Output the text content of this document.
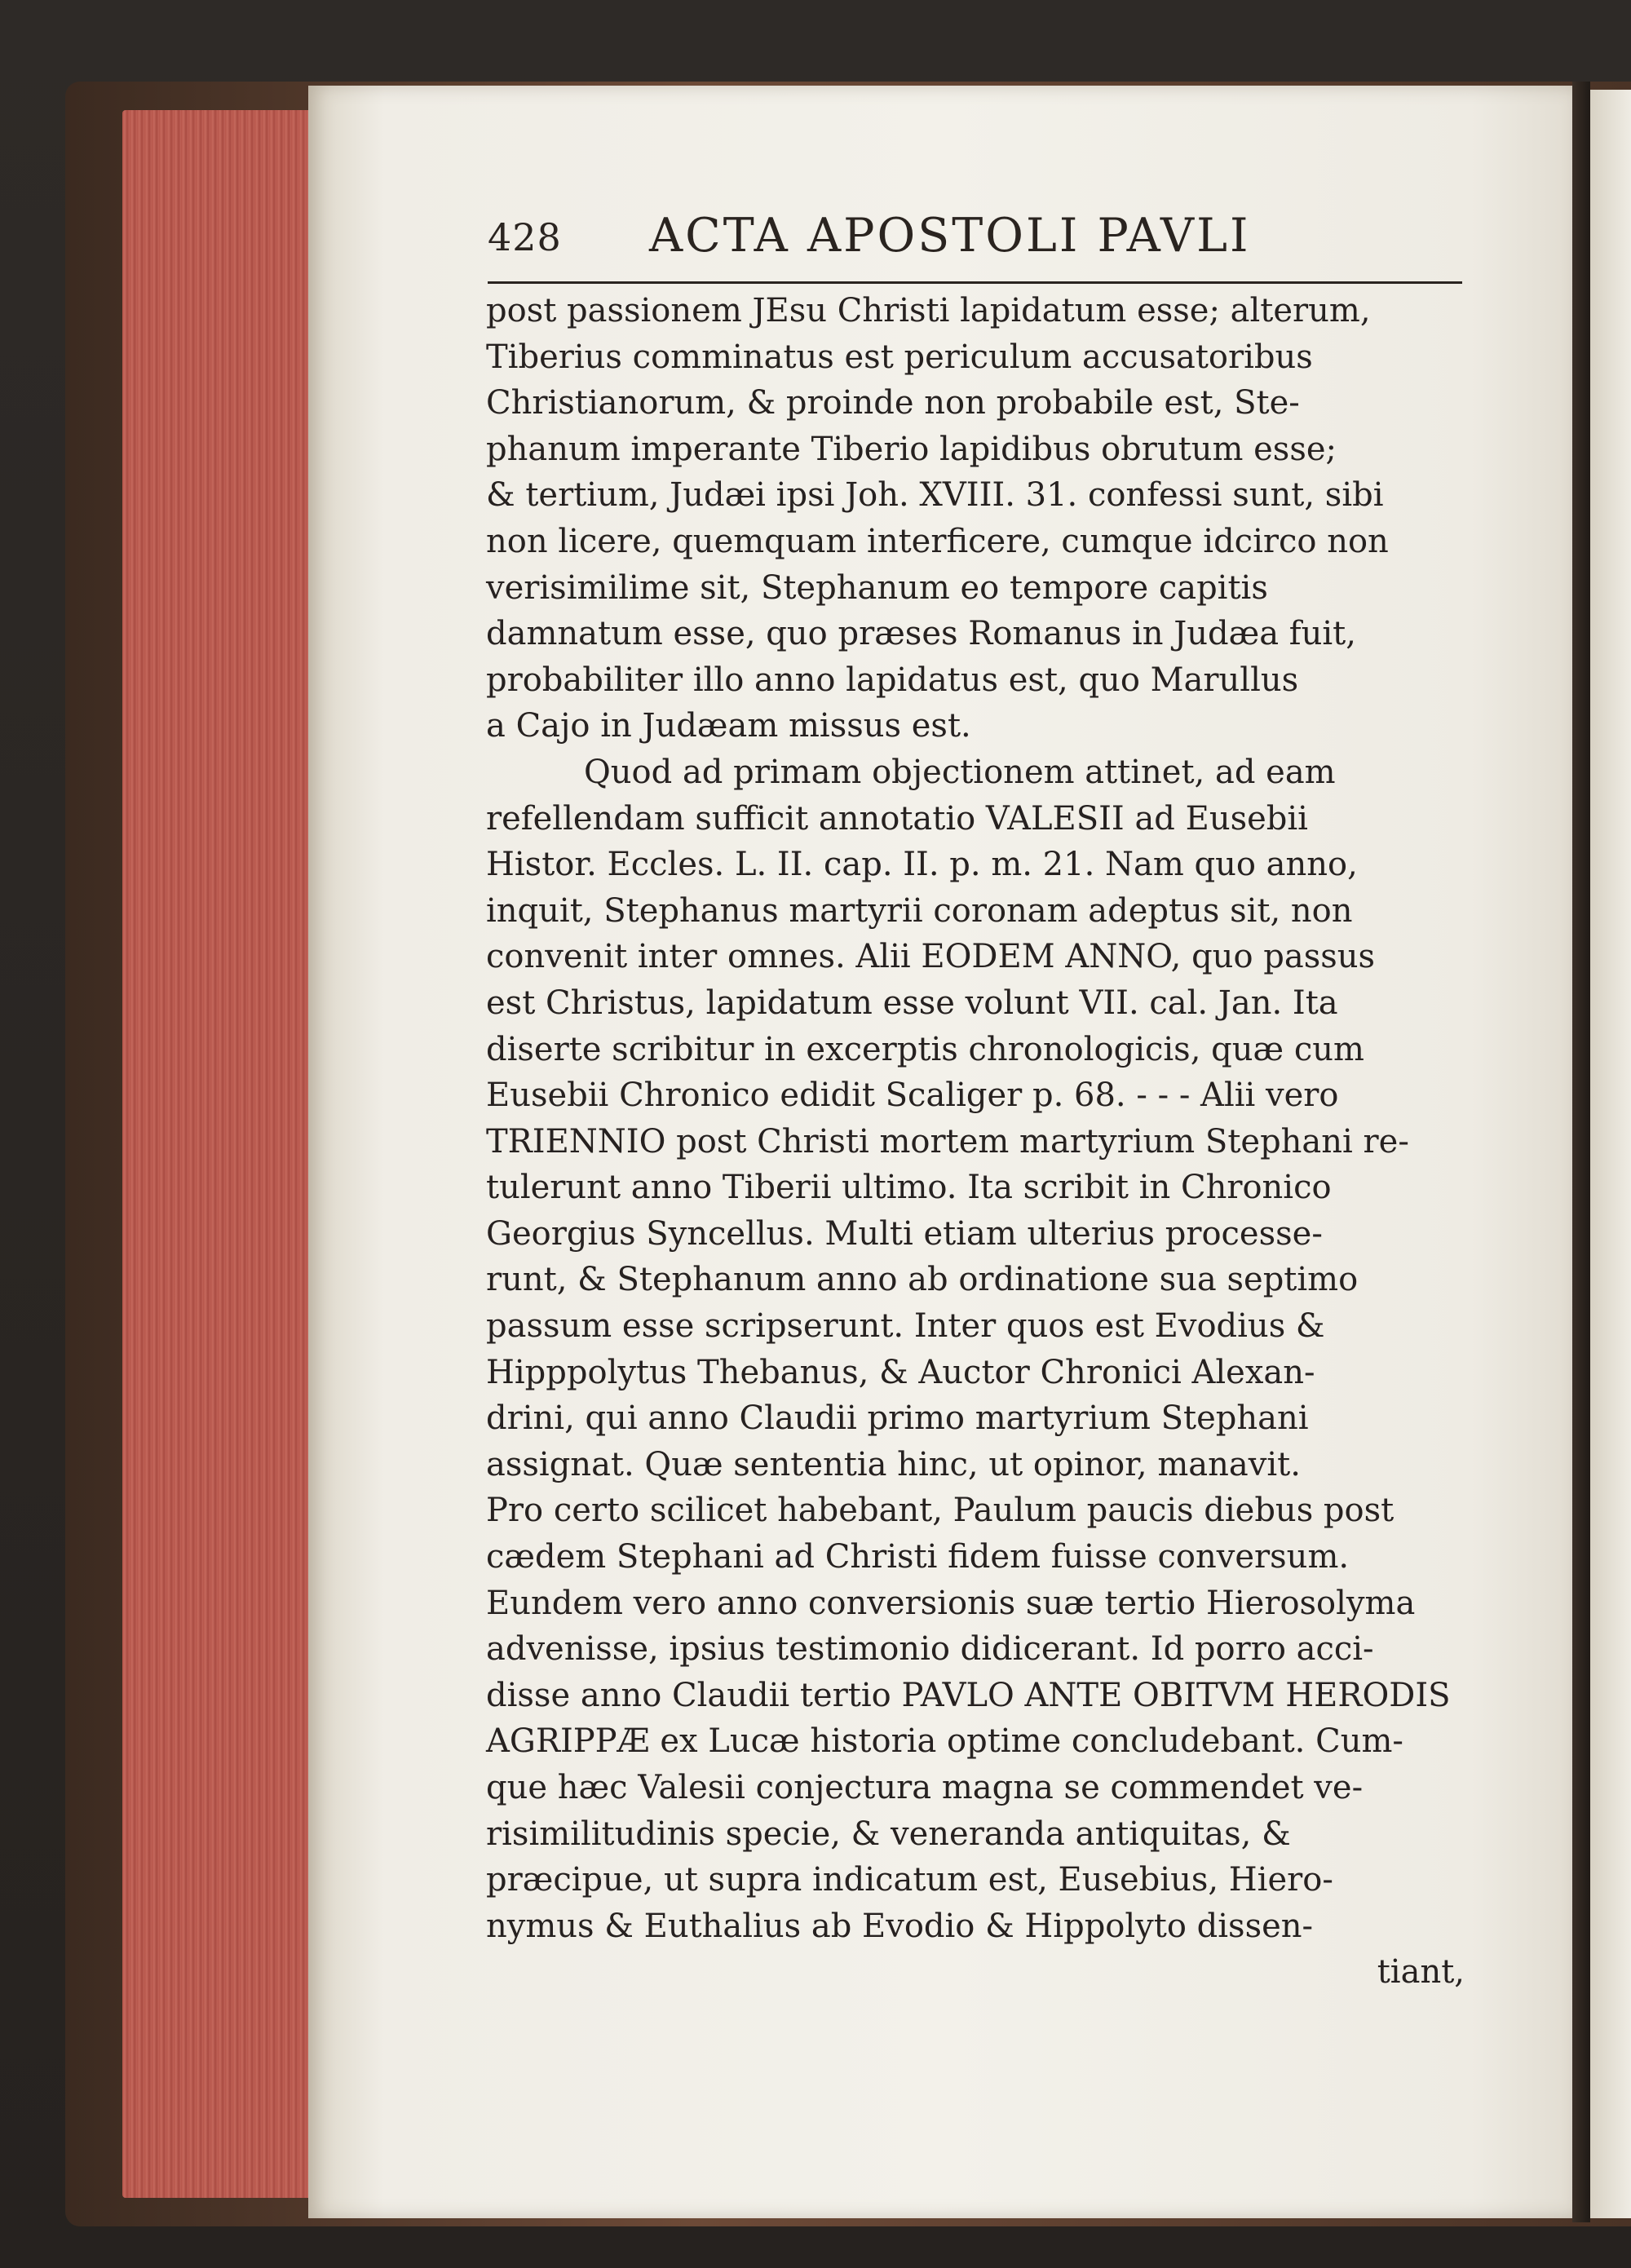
428 ACTA APOSTOLI PAVLI
post passionem JEsu Christi lapidatum esse; alterum,
Tiberius comminatus est periculum accusatoribus
Christianorum, & proinde non probabile est, Ste-
phanum imperante Tiberio lapidibus obrutum esse;
& tertium, Judæi ipsi Joh. XVIII. 31. confessi sunt, sibi
non licere, quemquam interficere, cumque idcirco non
verisimilime sit, Stephanum eo tempore capitis
damnatum esse, quo præses Romanus in Judæa fuit,
probabiliter illo anno lapidatus est, quo Marullus
a Cajo in Judæam missus est.
Quod ad primam objectionem attinet, ad eam
refellendam sufficit annotatio VALESII ad Eusebii
Histor. Eccles. L. II. cap. II. p. m. 21. Nam quo anno,
inquit, Stephanus martyrii coronam adeptus sit, non
convenit inter omnes. Alii EODEM ANNO, quo passus
est Christus, lapidatum esse volunt VII. cal. Jan. Ita
diserte scribitur in excerptis chronologicis, quæ cum
Eusebii Chronico edidit Scaliger p. 68. - - - Alii vero
TRIENNIO post Christi mortem martyrium Stephani re-
tulerunt anno Tiberii ultimo. Ita scribit in Chronico
Georgius Syncellus. Multi etiam ulterius processe-
runt, & Stephanum anno ab ordinatione sua septimo
passum esse scripserunt. Inter quos est Evodius &
Hipppolytus Thebanus, & Auctor Chronici Alexan-
drini, qui anno Claudii primo martyrium Stephani
assignat. Quæ sententia hinc, ut opinor, manavit.
Pro certo scilicet habebant, Paulum paucis diebus post
cædem Stephani ad Christi fidem fuisse conversum.
Eundem vero anno conversionis suæ tertio Hierosolyma
advenisse, ipsius testimonio didicerant. Id porro acci-
disse anno Claudii tertio PAVLO ANTE OBITVM HERODIS
AGRIPPÆ ex Lucæ historia optime concludebant. Cum-
que hæc Valesii conjectura magna se commendet ve-
risimilitudinis specie, & veneranda antiquitas, &
præcipue, ut supra indicatum est, Eusebius, Hiero-
nymus & Euthalius ab Evodio & Hippolyto dissen-
tiant,
